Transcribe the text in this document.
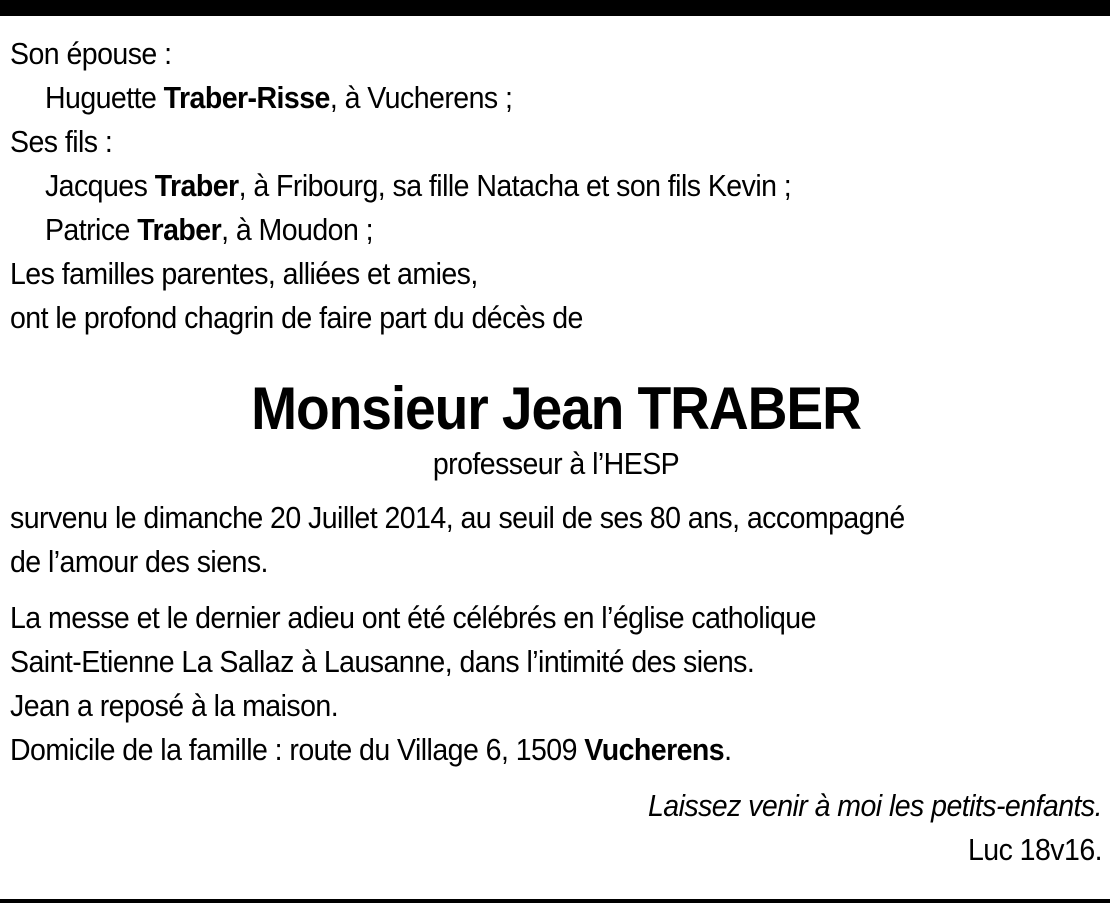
Son épouse :
Huguette Traber-Risse, à Vucherens ;
Ses fils :
Jacques Traber, à Fribourg, sa fille Natacha et son fils Kevin ;
Patrice Traber, à Moudon ;
Les familles parentes, alliées et amies,
ont le profond chagrin de faire part du décès de
Monsieur Jean TRABER
professeur à l’HESP
survenu le dimanche 20 Juillet 2014, au seuil de ses 80 ans, accompagné
de l’amour des siens.
La messe et le dernier adieu ont été célébrés en l’église catholique
Saint-Etienne La Sallaz à Lausanne, dans l’intimité des siens.
Jean a reposé à la maison.
Domicile de la famille : route du Village 6, 1509 Vucherens.
Laissez venir à moi les petits-enfants.
Luc 18v16.
